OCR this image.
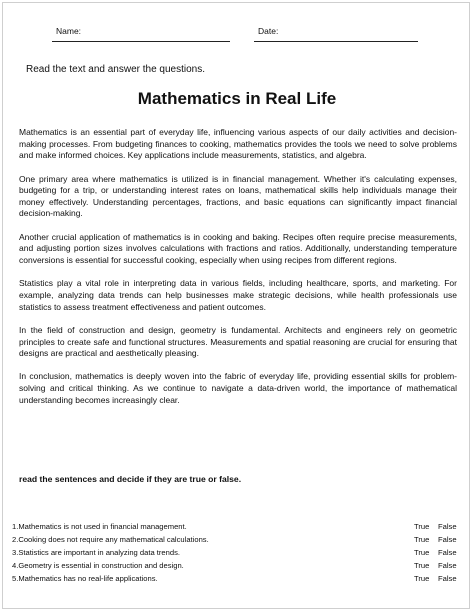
Name:	Date:
Read the text and answer the questions.
Mathematics in Real Life

Mathematics is an essential part of everyday life, influencing various aspects of our daily activities and decision-making processes. From budgeting finances to cooking, mathematics provides the tools we need to solve problems and make informed choices. Key applications include measurements, statistics, and algebra.

One primary area where mathematics is utilized is in financial management. Whether it's calculating expenses, budgeting for a trip, or understanding interest rates on loans, mathematical skills help individuals manage their money effectively. Understanding percentages, fractions, and basic equations can significantly impact financial decision-making.

Another crucial application of mathematics is in cooking and baking. Recipes often require precise measurements, and adjusting portion sizes involves calculations with fractions and ratios. Additionally, understanding temperature conversions is essential for successful cooking, especially when using recipes from different regions.

Statistics play a vital role in interpreting data in various fields, including healthcare, sports, and marketing. For example, analyzing data trends can help businesses make strategic decisions, while health professionals use statistics to assess treatment effectiveness and patient outcomes.

In the field of construction and design, geometry is fundamental. Architects and engineers rely on geometric principles to create safe and functional structures. Measurements and spatial reasoning are crucial for ensuring that designs are practical and aesthetically pleasing.

In conclusion, mathematics is deeply woven into the fabric of everyday life, providing essential skills for problem-solving and critical thinking. As we continue to navigate a data-driven world, the importance of mathematical understanding becomes increasingly clear.

read the sentences and decide if they are true or false.
1.Mathematics is not used in financial management.	True False
2.Cooking does not require any mathematical calculations.	True False
3.Statistics are important in analyzing data trends.	True False
4.Geometry is essential in construction and design.	True False
5.Mathematics has no real-life applications.	True False
